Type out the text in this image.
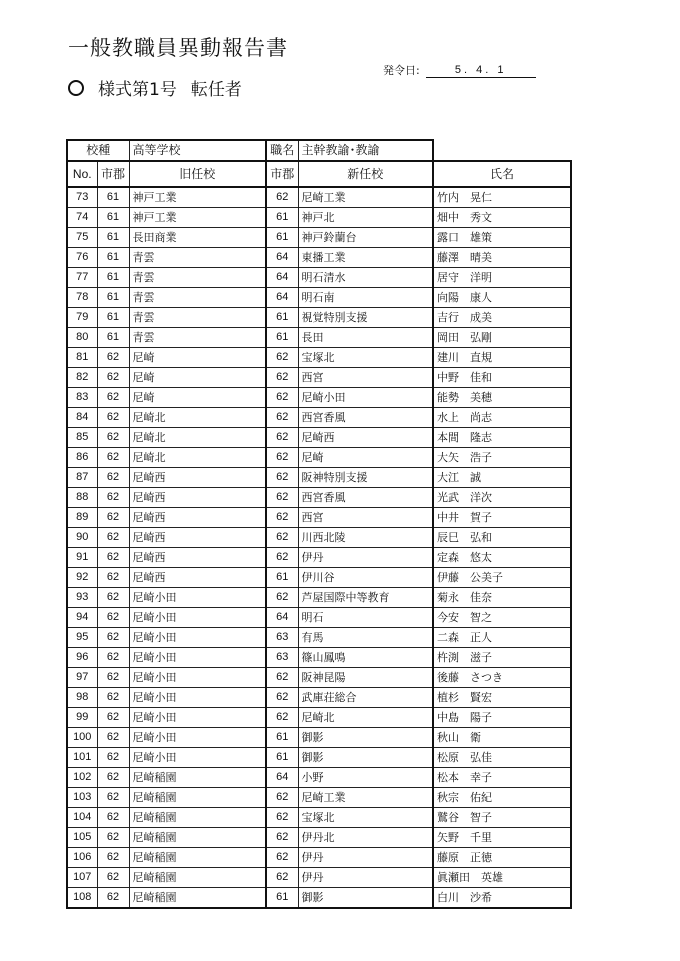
一般教職員異動報告書
発令日:	5. 4. 1
様式第1号 転任者
校種		高等学校	職名	主幹教諭･教諭	
No.	市郡	旧任校	市郡	新任校	氏名
73	61	神戸工業	62	尼崎工業	竹内　晃仁
74	61	神戸工業	61	神戸北	畑中　秀文
75	61	長田商業	61	神戸鈴蘭台	露口　雄策
76	61	青雲	64	東播工業	藤澤　晴美
77	61	青雲	64	明石清水	居守　洋明
78	61	青雲	64	明石南	向陽　康人
79	61	青雲	61	視覚特別支援	吉行　成美
80	61	青雲	61	長田	岡田　弘剛
81	62	尼崎	62	宝塚北	建川　直規
82	62	尼崎	62	西宮	中野　佳和
83	62	尼崎	62	尼崎小田	能勢　美穂
84	62	尼崎北	62	西宮香風	水上　尚志
85	62	尼崎北	62	尼崎西	本間　隆志
86	62	尼崎北	62	尼崎	大矢　浩子
87	62	尼崎西	62	阪神特別支援	大江　誠
88	62	尼崎西	62	西宮香風	光武　洋次
89	62	尼崎西	62	西宮	中井　賀子
90	62	尼崎西	62	川西北陵	辰巳　弘和
91	62	尼崎西	62	伊丹	定森　悠太
92	62	尼崎西	61	伊川谷	伊藤　公美子
93	62	尼崎小田	62	芦屋国際中等教育	菊永　佳奈
94	62	尼崎小田	64	明石	今安　智之
95	62	尼崎小田	63	有馬	二森　正人
96	62	尼崎小田	63	篠山鳳鳴	杵渕　滋子
97	62	尼崎小田	62	阪神昆陽	後藤　さつき
98	62	尼崎小田	62	武庫荘総合	植杉　賢宏
99	62	尼崎小田	62	尼崎北	中島　陽子
100	62	尼崎小田	61	御影	秋山　衛
101	62	尼崎小田	61	御影	松原　弘佳
102	62	尼崎稲園	64	小野	松本　幸子
103	62	尼崎稲園	62	尼崎工業	秋宗　佑紀
104	62	尼崎稲園	62	宝塚北	鷲谷　智子
105	62	尼崎稲園	62	伊丹北	矢野　千里
106	62	尼崎稲園	62	伊丹	藤原　正徳
107	62	尼崎稲園	62	伊丹	眞瀬田　英雄
108	62	尼崎稲園	61	御影	白川　沙希
